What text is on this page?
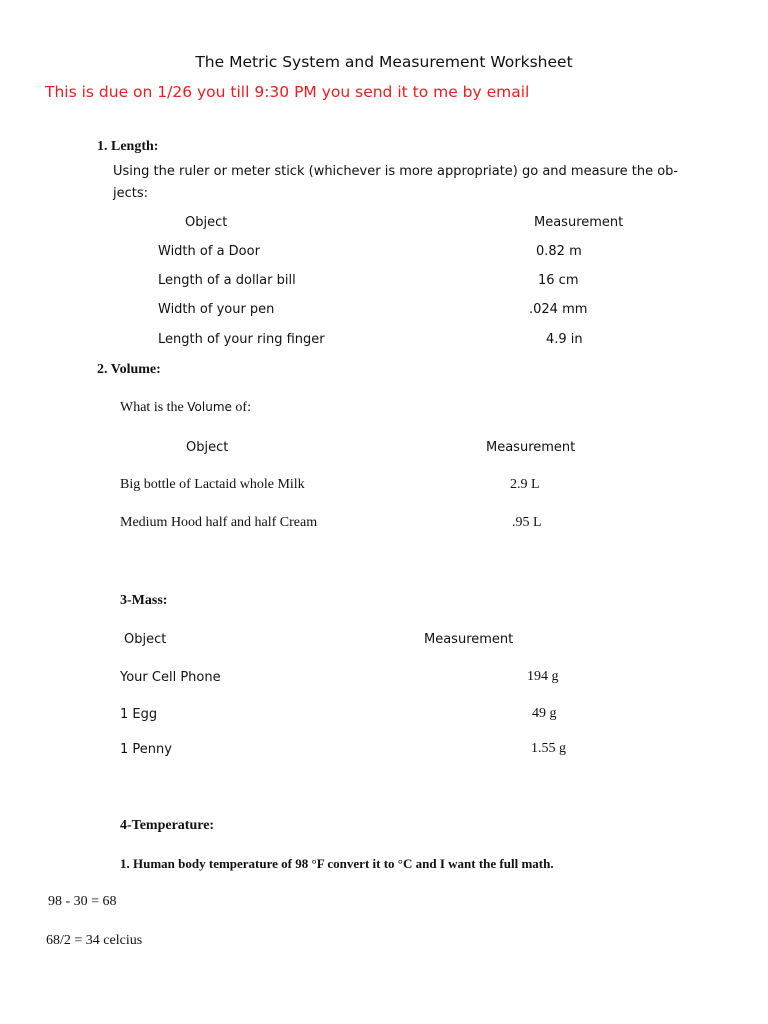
The Metric System and Measurement Worksheet
This is due on 1/26 you till 9:30 PM you send it to me by email
1. Length:
Using the ruler or meter stick (whichever is more appropriate) go and measure the ob-
jects:
Object	Measurement
Width of a Door	0.82 m
Length of a dollar bill	16 cm
Width of your pen	.024 mm
Length of your ring finger	4.9 in
2. Volume:
What is the Volume of:
Object	Measurement
Big bottle of Lactaid whole Milk	2.9 L
Medium Hood half and half Cream	.95 L
3-Mass:
Object	Measurement
Your Cell Phone	194 g
1 Egg	49 g
1 Penny	1.55 g
4-Temperature:
1. Human body temperature of 98 °F convert it to °C and I want the full math.
98 - 30 = 68
68/2 = 34 celcius
